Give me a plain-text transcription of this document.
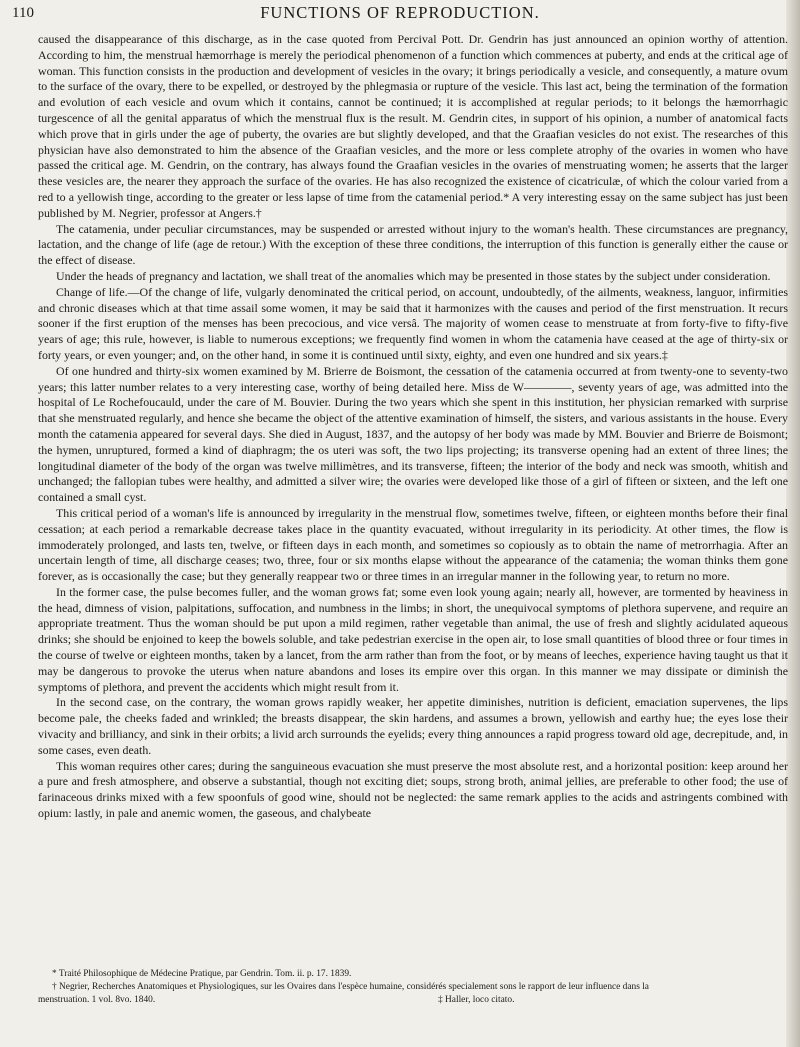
110	FUNCTIONS OF REPRODUCTION.

caused the disappearance of this discharge, as in the case quoted from Percival Pott. Dr. Gendrin has just announced an opinion worthy of attention. According to him, the menstrual hæmorrhage is merely the periodical phenomenon of a function which commences at puberty, and ends at the critical age of woman. This function consists in the production and development of vesicles in the ovary; it brings periodically a vesicle, and consequently, a mature ovum to the surface of the ovary, there to be expelled, or destroyed by the phlegmasia or rupture of the vesicle. This last act, being the termination of the formation and evolution of each vesicle and ovum which it contains, cannot be continued; it is accomplished at regular periods; to it belongs the hæmorrhagic turgescence of all the genital apparatus of which the menstrual flux is the result. M. Gendrin cites, in support of his opinion, a number of anatomical facts which prove that in girls under the age of puberty, the ovaries are but slightly developed, and that the Graafian vesicles do not exist. The researches of this physician have also demonstrated to him the absence of the Graafian vesicles, and the more or less complete atrophy of the ovaries in women who have passed the critical age. M. Gendrin, on the contrary, has always found the Graafian vesicles in the ovaries of menstruating women; he asserts that the larger these vesicles are, the nearer they approach the surface of the ovaries. He has also recognized the existence of cicatriculæ, of which the colour varied from a red to a yellowish tinge, according to the greater or less lapse of time from the catamenial period.* A very interesting essay on the same subject has just been published by M. Negrier, professor at Angers.†

The catamenia, under peculiar circumstances, may be suspended or arrested without injury to the woman's health. These circumstances are pregnancy, lactation, and the change of life (age de retour.) With the exception of these three conditions, the interruption of this function is generally either the cause or the effect of disease.

Under the heads of pregnancy and lactation, we shall treat of the anomalies which may be presented in those states by the subject under consideration.

Change of life.—Of the change of life, vulgarly denominated the critical period, on account, undoubtedly, of the ailments, weakness, languor, infirmities and chronic diseases which at that time assail some women, it may be said that it harmonizes with the causes and period of the first menstruation. It recurs sooner if the first eruption of the menses has been precocious, and vice versâ. The majority of women cease to menstruate at from forty-five to fifty-five years of age; this rule, however, is liable to numerous exceptions; we frequently find women in whom the catamenia have ceased at the age of thirty-six or forty years, or even younger; and, on the other hand, in some it is continued until sixty, eighty, and even one hundred and six years.‡

Of one hundred and thirty-six women examined by M. Brierre de Boismont, the cessation of the catamenia occurred at from twenty-one to seventy-two years; this latter number relates to a very interesting case, worthy of being detailed here. Miss de W————, seventy years of age, was admitted into the hospital of Le Rochefoucauld, under the care of M. Bouvier. During the two years which she spent in this institution, her physician remarked with surprise that she menstruated regularly, and hence she became the object of the attentive examination of himself, the sisters, and various assistants in the house. Every month the catamenia appeared for several days. She died in August, 1837, and the autopsy of her body was made by MM. Bouvier and Brierre de Boismont; the hymen, unruptured, formed a kind of diaphragm; the os uteri was soft, the two lips projecting; its transverse opening had an extent of three lines; the longitudinal diameter of the body of the organ was twelve millimètres, and its transverse, fifteen; the interior of the body and neck was smooth, whitish and unchanged; the fallopian tubes were healthy, and admitted a silver wire; the ovaries were developed like those of a girl of fifteen or sixteen, and the left one contained a small cyst.

This critical period of a woman's life is announced by irregularity in the menstrual flow, sometimes twelve, fifteen, or eighteen months before their final cessation; at each period a remarkable decrease takes place in the quantity evacuated, without irregularity in its periodicity. At other times, the flow is immoderately prolonged, and lasts ten, twelve, or fifteen days in each month, and sometimes so copiously as to obtain the name of metrorrhagia. After an uncertain length of time, all discharge ceases; two, three, four or six months elapse without the appearance of the catamenia; the woman thinks them gone forever, as is occasionally the case; but they generally reappear two or three times in an irregular manner in the following year, to return no more.

In the former case, the pulse becomes fuller, and the woman grows fat; some even look young again; nearly all, however, are tormented by heaviness in the head, dimness of vision, palpitations, suffocation, and numbness in the limbs; in short, the unequivocal symptoms of plethora supervene, and require an appropriate treatment. Thus the woman should be put upon a mild regimen, rather vegetable than animal, the use of fresh and slightly acidulated aqueous drinks; she should be enjoined to keep the bowels soluble, and take pedestrian exercise in the open air, to lose small quantities of blood three or four times in the course of twelve or eighteen months, taken by a lancet, from the arm rather than from the foot, or by means of leeches, experience having taught us that it may be dangerous to provoke the uterus when nature abandons and loses its empire over this organ. In this manner we may dissipate or diminish the symptoms of plethora, and prevent the accidents which might result from it.

In the second case, on the contrary, the woman grows rapidly weaker, her appetite diminishes, nutrition is deficient, emaciation supervenes, the lips become pale, the cheeks faded and wrinkled; the breasts disappear, the skin hardens, and assumes a brown, yellowish and earthy hue; the eyes lose their vivacity and brilliancy, and sink in their orbits; a livid arch surrounds the eyelids; every thing announces a rapid progress toward old age, decrepitude, and, in some cases, even death.

This woman requires other cares; during the sanguineous evacuation she must preserve the most absolute rest, and a horizontal position: keep around her a pure and fresh atmosphere, and observe a substantial, though not exciting diet; soups, strong broth, animal jellies, are preferable to other food; the use of farinaceous drinks mixed with a few spoonfuls of good wine, should not be neglected: the same remark applies to the acids and astringents combined with opium: lastly, in pale and anemic women, the gaseous, and chalybeate

* Traité Philosophique de Médecine Pratique, par Gendrin. Tom. ii. p. 17. 1839.

† Negrier, Recherches Anatomiques et Physiologiques, sur les Ovaires dans l'espèce humaine, considérés specialement sons le rapport de leur influence dans la

menstruation. 1 vol. 8vo. 1840.	‡ Haller, loco citato.
